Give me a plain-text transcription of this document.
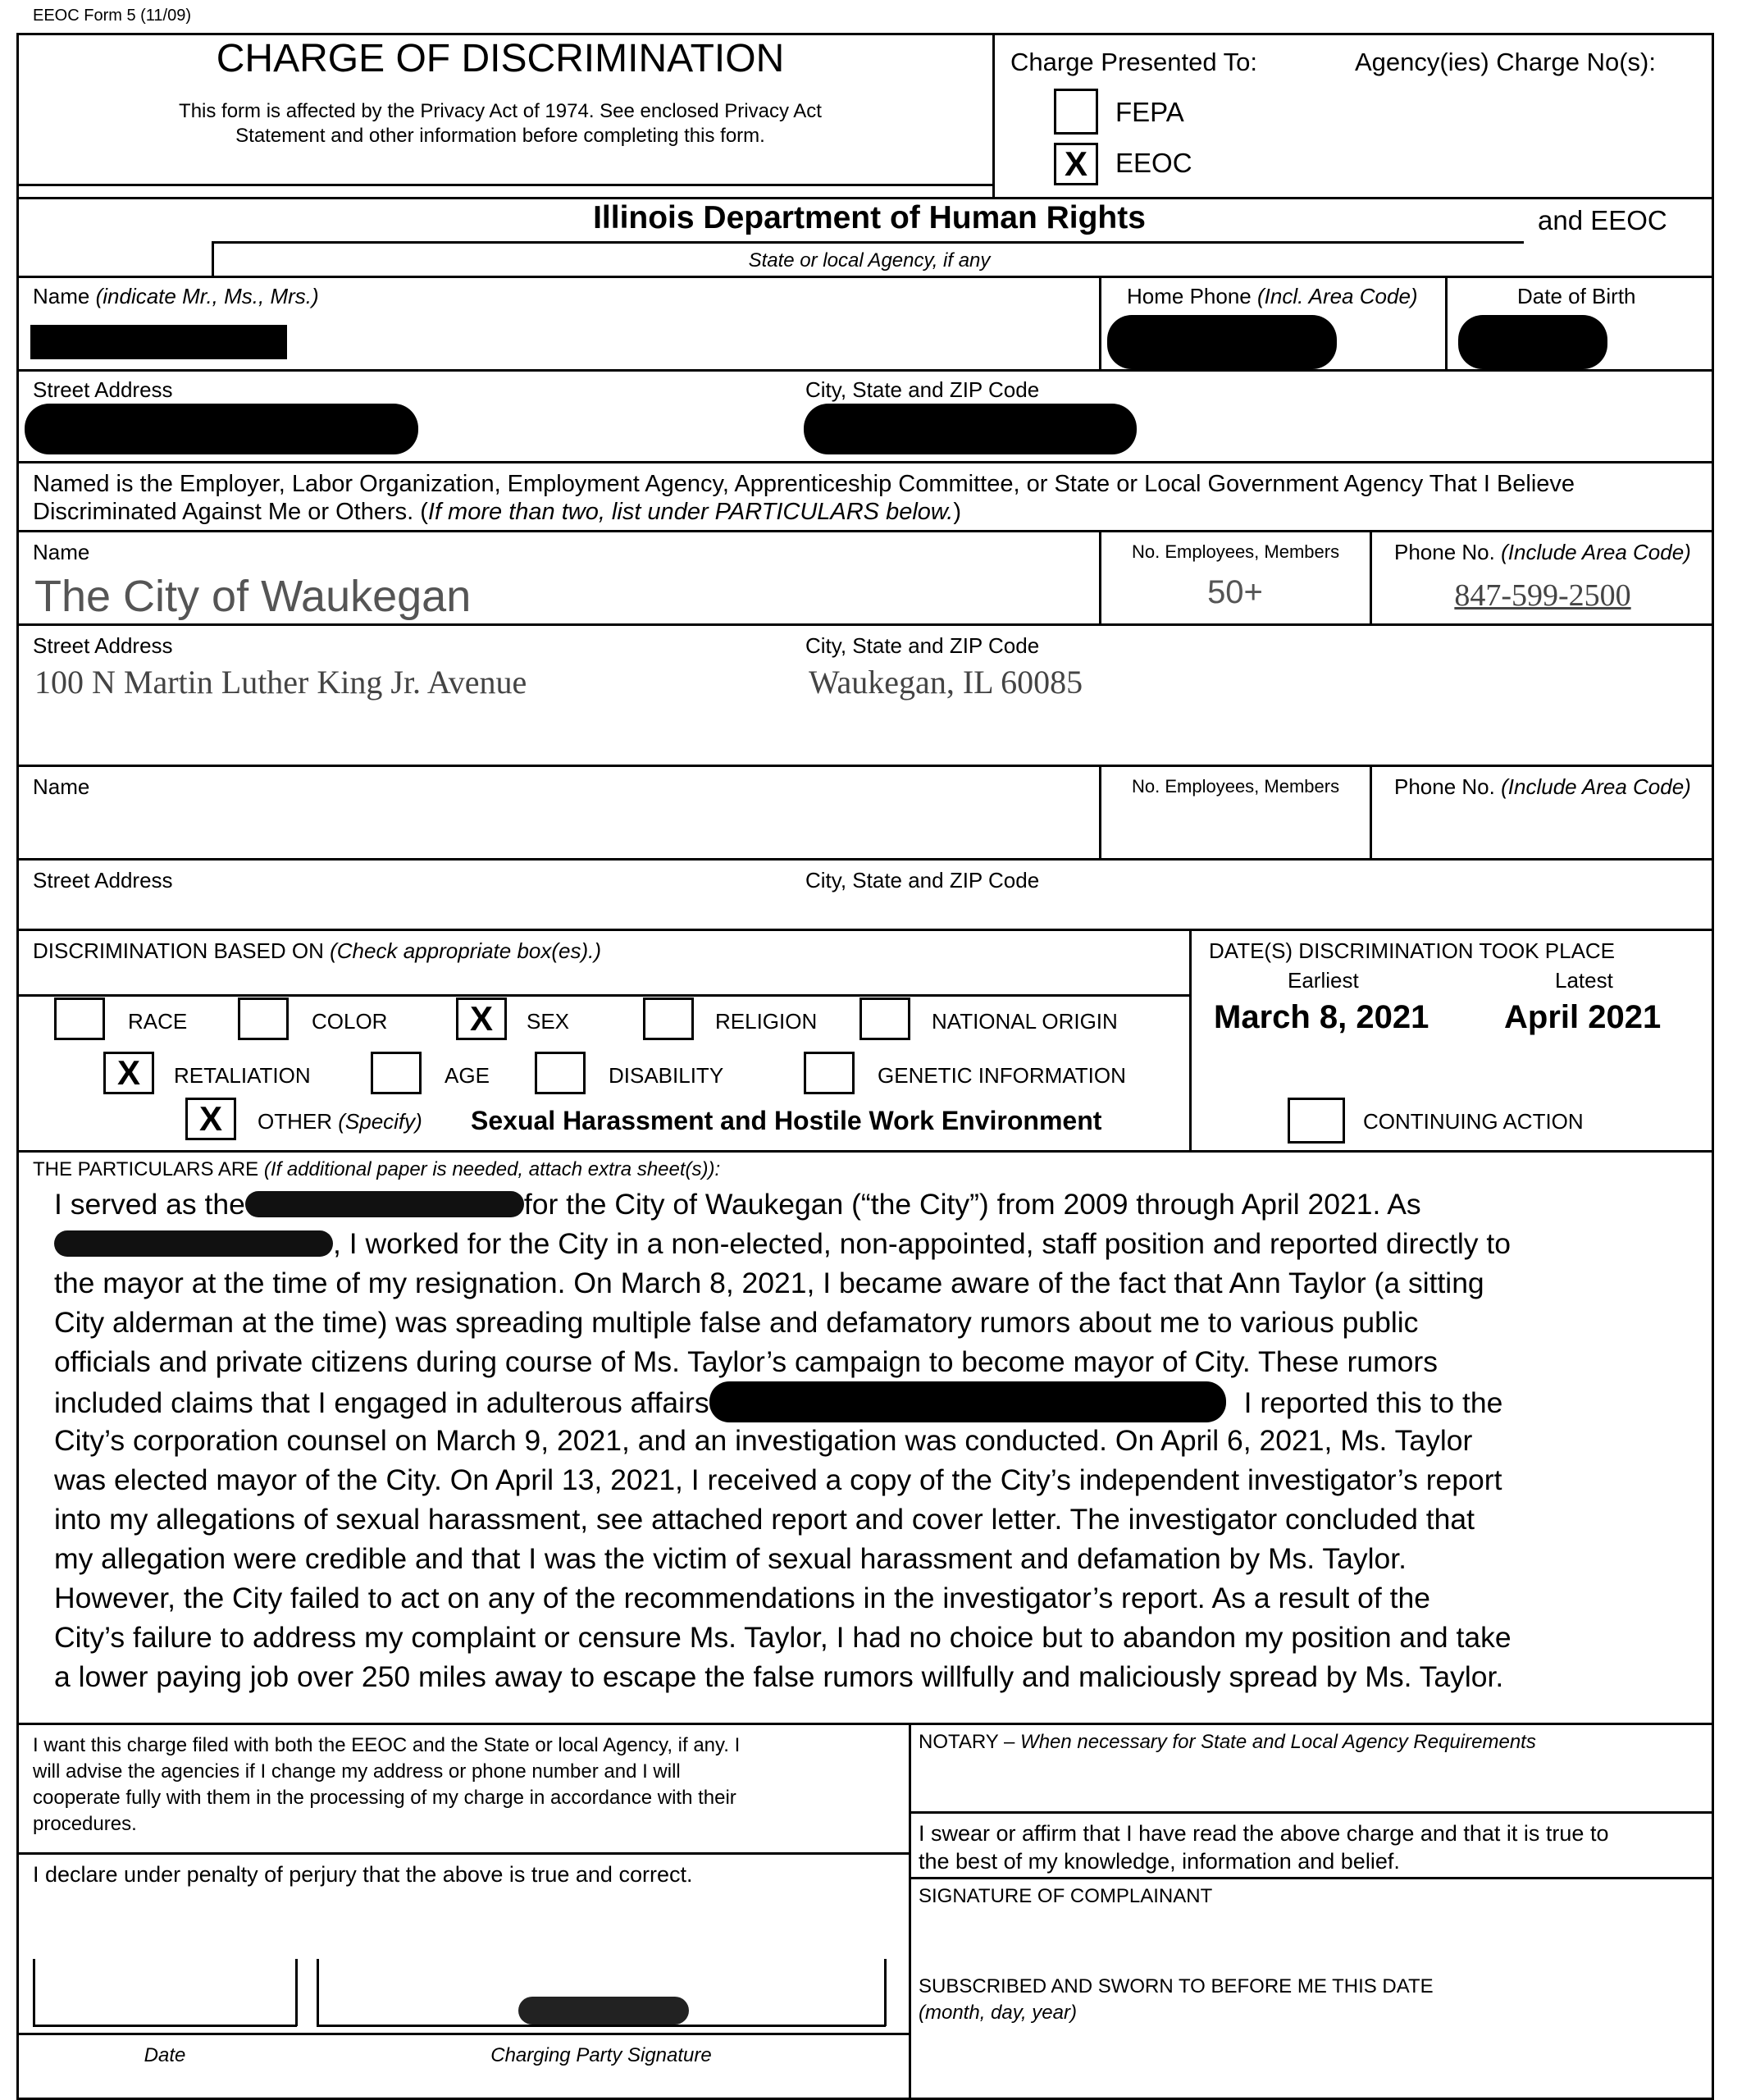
EEOC Form 5 (11/09)
CHARGE OF DISCRIMINATION
This form is affected by the Privacy Act of 1974. See enclosed Privacy Act
Statement and other information before completing this form.
Charge Presented To:	Agency(ies) Charge No(s):
FEPA
X	EEOC
Illinois Department of Human Rights	and EEOC
State or local Agency, if any
Name (indicate Mr., Ms., Mrs.)	Home Phone (Incl. Area Code)	Date of Birth
Street Address	City, State and ZIP Code
Named is the Employer, Labor Organization, Employment Agency, Apprenticeship Committee, or State or Local Government Agency That I Believe
Discriminated Against Me or Others. (If more than two, list under PARTICULARS below.)
Name
The City of Waukegan
No. Employees, Members
50+
Phone No. (Include Area Code)
847-599-2500
Street Address
100 N Martin Luther King Jr. Avenue
City, State and ZIP Code
Waukegan, IL 60085
Name	No. Employees, Members	Phone No. (Include Area Code)
Street Address	City, State and ZIP Code
DISCRIMINATION BASED ON (Check appropriate box(es).)
RACE	COLOR	X	SEX	RELIGION	NATIONAL ORIGIN
X	RETALIATION	AGE	DISABILITY	GENETIC INFORMATION
X	OTHER (Specify) Sexual Harassment and Hostile Work Environment
DATE(S) DISCRIMINATION TOOK PLACE
Earliest	Latest
March 8, 2021 April 2021
CONTINUING ACTION
THE PARTICULARS ARE (If additional paper is needed, attach extra sheet(s)):
I served as the	for the City of Waukegan (“the City”) from 2009 through April 2021. As
, I worked for the City in a non-elected, non-appointed, staff position and reported directly to
the mayor at the time of my resignation. On March 8, 2021, I became aware of the fact that Ann Taylor (a sitting
City alderman at the time) was spreading multiple false and defamatory rumors about me to various public
officials and private citizens during course of Ms. Taylor’s campaign to become mayor of City. These rumors
included claims that I engaged in adulterous affairs	I reported this to the
City’s corporation counsel on March 9, 2021, and an investigation was conducted. On April 6, 2021, Ms. Taylor
was elected mayor of the City. On April 13, 2021, I received a copy of the City’s independent investigator’s report
into my allegations of sexual harassment, see attached report and cover letter. The investigator concluded that
my allegation were credible and that I was the victim of sexual harassment and defamation by Ms. Taylor.
However, the City failed to act on any of the recommendations in the investigator’s report. As a result of the
City’s failure to address my complaint or censure Ms. Taylor, I had no choice but to abandon my position and take
a lower paying job over 250 miles away to escape the false rumors willfully and maliciously spread by Ms. Taylor.
I want this charge filed with both the EEOC and the State or local Agency, if any. I
will advise the agencies if I change my address or phone number and I will
cooperate fully with them in the processing of my charge in accordance with their
procedures.
I declare under penalty of perjury that the above is true and correct.
Date	Charging Party Signature
NOTARY – When necessary for State and Local Agency Requirements
I swear or affirm that I have read the above charge and that it is true to
the best of my knowledge, information and belief.
SIGNATURE OF COMPLAINANT
SUBSCRIBED AND SWORN TO BEFORE ME THIS DATE
(month, day, year)
